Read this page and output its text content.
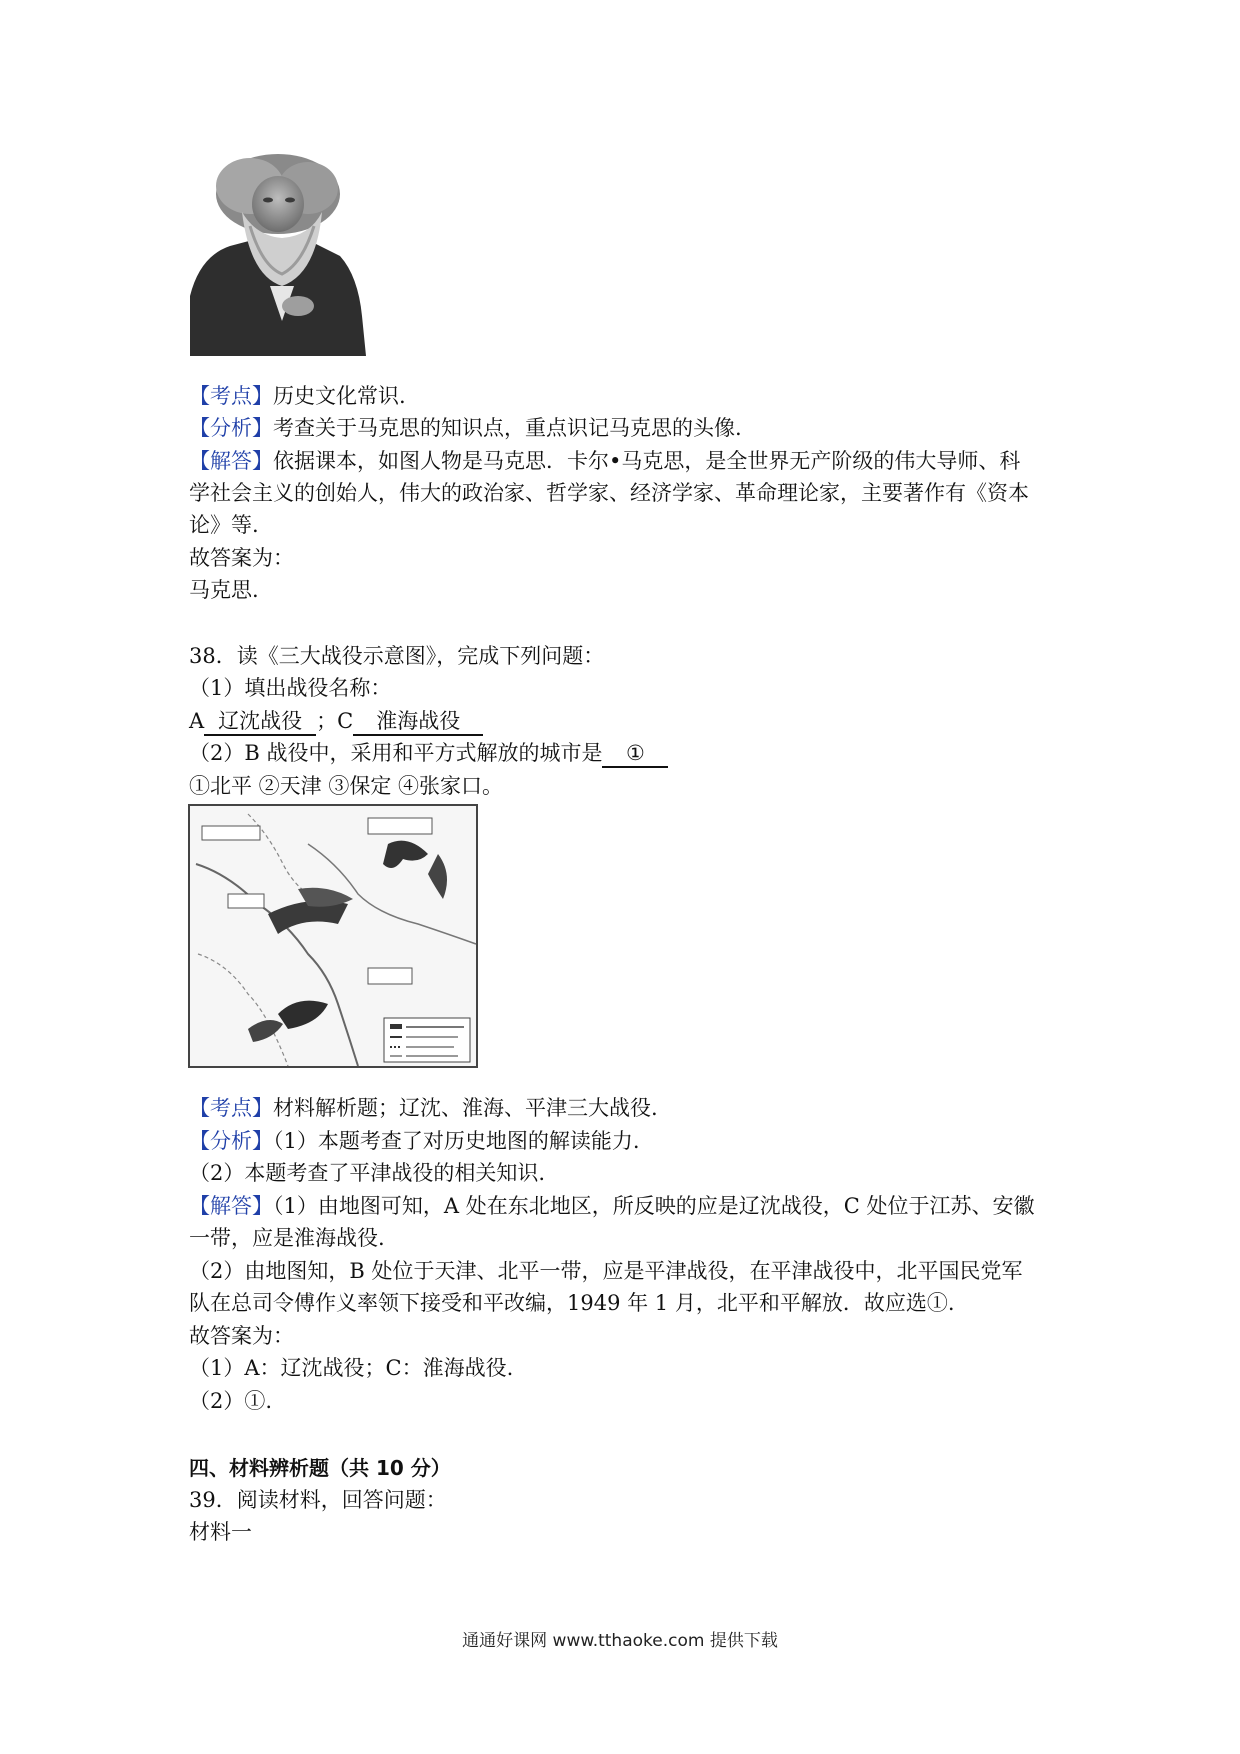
【考点】历史文化常识.
【分析】考查关于马克思的知识点，重点识记马克思的头像.
【解答】依据课本，如图人物是马克思．卡尔•马克思，是全世界无产阶级的伟大导师、科
学社会主义的创始人，伟大的政治家、哲学家、经济学家、革命理论家，主要著作有《资本
论》等.
故答案为：
马克思.
38．读《三大战役示意图》，完成下列问题：
（1）填出战役名称：
A 辽沈战役 ；C 淮海战役
（2）B 战役中，采用和平方式解放的城市是 ①
①北平 ②天津 ③保定 ④张家口。
【考点】材料解析题；辽沈、淮海、平津三大战役.
【分析】（1）本题考查了对历史地图的解读能力.
（2）本题考查了平津战役的相关知识.
【解答】（1）由地图可知，A 处在东北地区，所反映的应是辽沈战役，C 处位于江苏、安徽
一带，应是淮海战役.
（2）由地图知，B 处位于天津、北平一带，应是平津战役，在平津战役中，北平国民党军
队在总司令傅作义率领下接受和平改编，1949 年 1 月，北平和平解放．故应选①.
故答案为：
（1）A：辽沈战役；C：淮海战役.
（2）①.
四、材料辨析题（共 10 分）
39．阅读材料，回答问题：
材料一
通通好课网 www.tthaoke.com 提供下载
